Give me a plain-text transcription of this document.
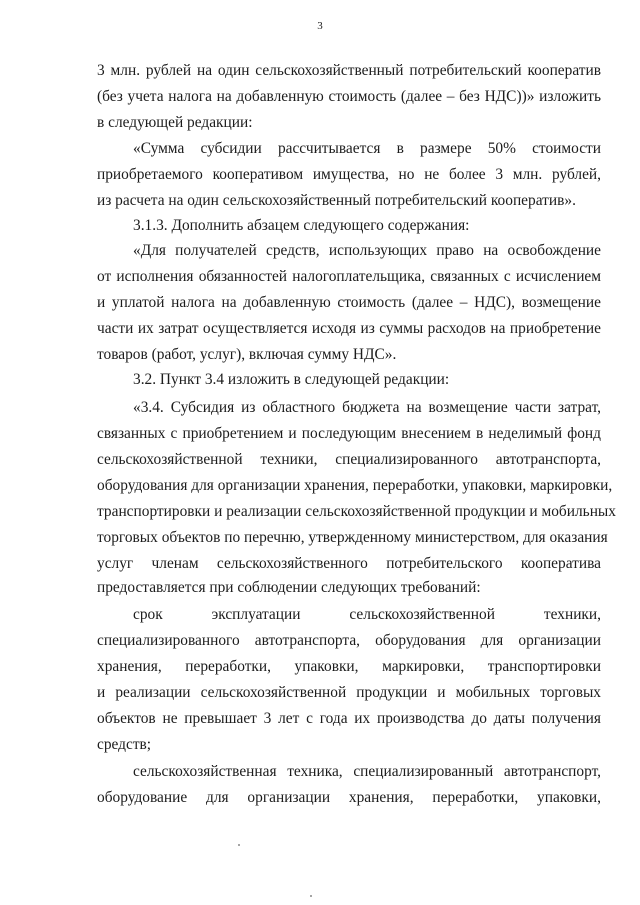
3
3 млн. рублей на один сельскохозяйственный потребительский кооператив
(без учета налога на добавленную стоимость (далее – без НДС))» изложить
в следующей редакции:
«Сумма субсидии рассчитывается в размере 50% стоимости
приобретаемого кооперативом имущества, но не более 3 млн. рублей,
из расчета на один сельскохозяйственный потребительский кооператив».
3.1.3. Дополнить абзацем следующего содержания:
«Для получателей средств, использующих право на освобождение
от исполнения обязанностей налогоплательщика, связанных с исчислением
и уплатой налога на добавленную стоимость (далее – НДС), возмещение
части их затрат осуществляется исходя из суммы расходов на приобретение
товаров (работ, услуг), включая сумму НДС».
3.2. Пункт 3.4 изложить в следующей редакции:
«3.4. Субсидия из областного бюджета на возмещение части затрат,
связанных с приобретением и последующим внесением в неделимый фонд
сельскохозяйственной техники, специализированного автотранспорта,
оборудования для организации хранения, переработки, упаковки, маркировки,
транспортировки и реализации сельскохозяйственной продукции и мобильных
торговых объектов по перечню, утвержденному министерством, для оказания
услуг членам сельскохозяйственного потребительского кооператива
предоставляется при соблюдении следующих требований:
срок эксплуатации сельскохозяйственной техники,
специализированного автотранспорта, оборудования для организации
хранения, переработки, упаковки, маркировки, транспортировки
и реализации сельскохозяйственной продукции и мобильных торговых
объектов не превышает 3 лет с года их производства до даты получения
средств;
сельскохозяйственная техника, специализированный автотранспорт,
оборудование для организации хранения, переработки, упаковки,
